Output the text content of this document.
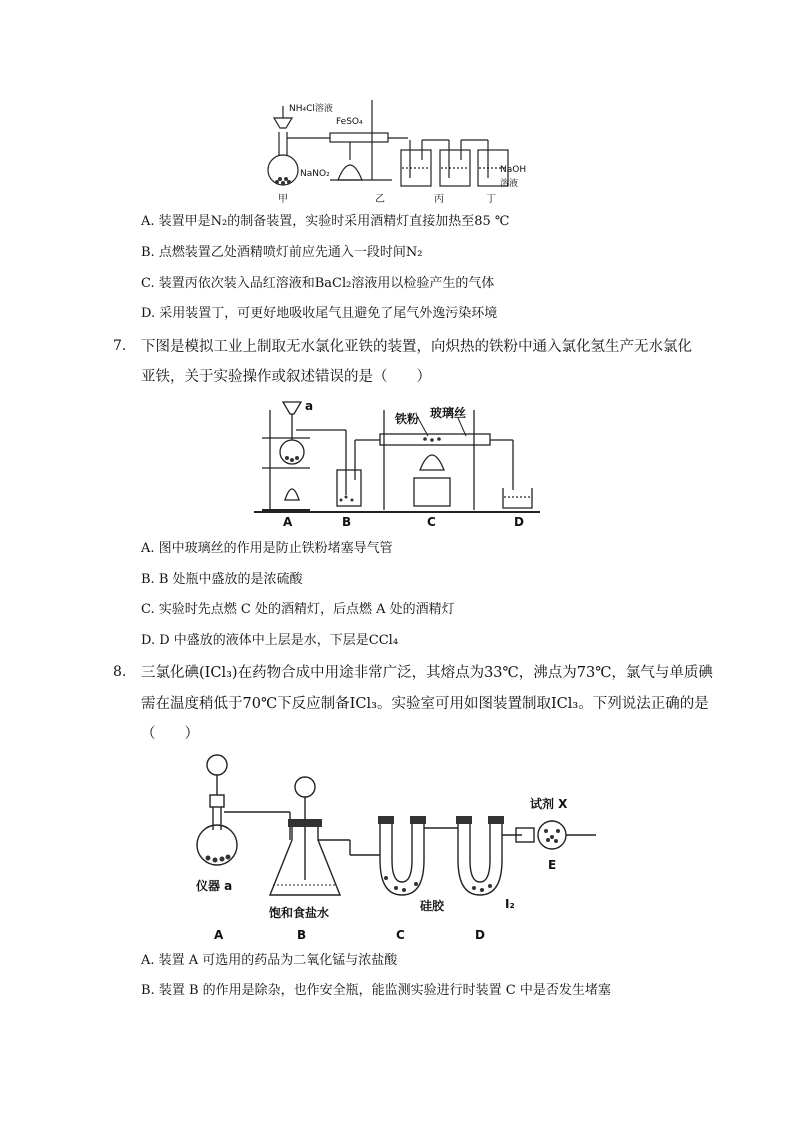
NH₄Cl溶液
FeSO₄
NaNO₂	NaOH
溶液
甲	乙	丙	丁
A. 装置甲是N₂的制备装置，实验时采用酒精灯直接加热至85 ℃
B. 点燃装置乙处酒精喷灯前应先通入一段时间N₂
C. 装置丙依次装入品红溶液和BaCl₂溶液用以检验产生的气体
D. 采用装置丁，可更好地吸收尾气且避免了尾气外逸污染环境
7. 下图是模拟工业上制取无水氯化亚铁的装置，向炽热的铁粉中通入氯化氢生产无水氯化
亚铁，关于实验操作或叙述错误的是（　　）
a
铁粉 玻璃丝
A	B	C	D
A. 图中玻璃丝的作用是防止铁粉堵塞导气管
B. B 处瓶中盛放的是浓硫酸
C. 实验时先点燃 C 处的酒精灯，后点燃 A 处的酒精灯
D. D 中盛放的液体中上层是水，下层是CCl₄
8. 三氯化碘(ICl₃)在药物合成中用途非常广泛，其熔点为33℃，沸点为73℃，氯气与单质碘
需在温度稍低于70℃下反应制备ICl₃。实验室可用如图装置制取ICl₃。下列说法正确的是
（　　）
试剂 X
仪器 a
饱和食盐水	硅胶	I₂
E
A	B	C	D
A. 装置 A 可选用的药品为二氧化锰与浓盐酸
B. 装置 B 的作用是除杂，也作安全瓶，能监测实验进行时装置 C 中是否发生堵塞
